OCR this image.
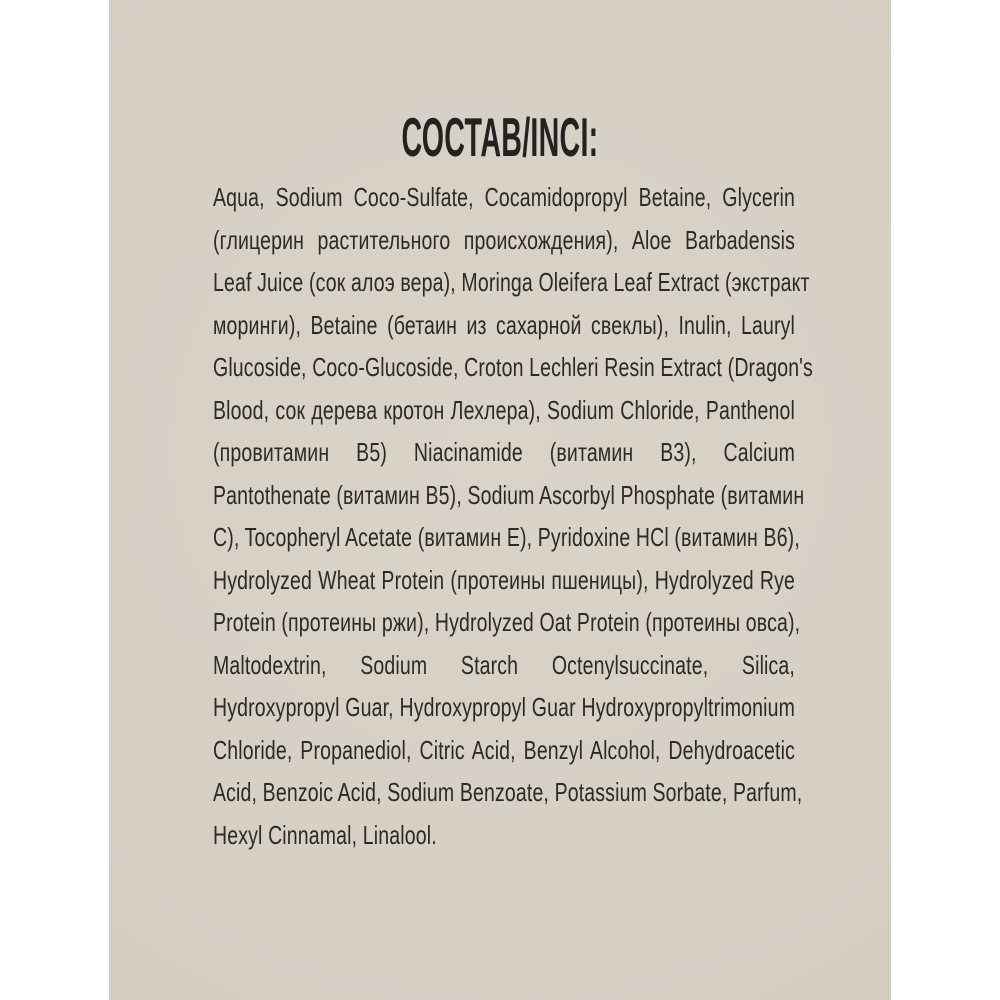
СОСТАВ/INCI:
Aqua, Sodium Coco-Sulfate, Cocamidopropyl Betaine, Glycerin
(глицерин растительного происхождения), Aloe Barbadensis
Leaf Juice (сок алоэ вера), Moringa Oleifera Leaf Extract (экстракт
моринги), Betaine (бетаин из сахарной свеклы), Inulin, Lauryl
Glucoside, Coco-Glucoside, Croton Lechleri Resin Extract (Dragon's
Blood, сок дерева кротон Лехлера), Sodium Chloride, Panthenol
(провитамин B5) Niacinamide (витамин B3), Calcium
Pantothenate (витамин B5), Sodium Ascorbyl Phosphate (витамин
C), Tocopheryl Acetate (витамин E), Pyridoxine HCl (витамин B6),
Hydrolyzed Wheat Protein (протеины пшеницы), Hydrolyzed Rye
Protein (протеины ржи), Hydrolyzed Oat Protein (протеины овса),
Maltodextrin, Sodium Starch Octenylsuccinate, Silica,
Hydroxypropyl Guar, Hydroxypropyl Guar Hydroxypropyltrimonium
Chloride, Propanediol, Citric Acid, Benzyl Alcohol, Dehydroacetic
Acid, Benzoic Acid, Sodium Benzoate, Potassium Sorbate, Parfum,
Hexyl Cinnamal, Linalool.
